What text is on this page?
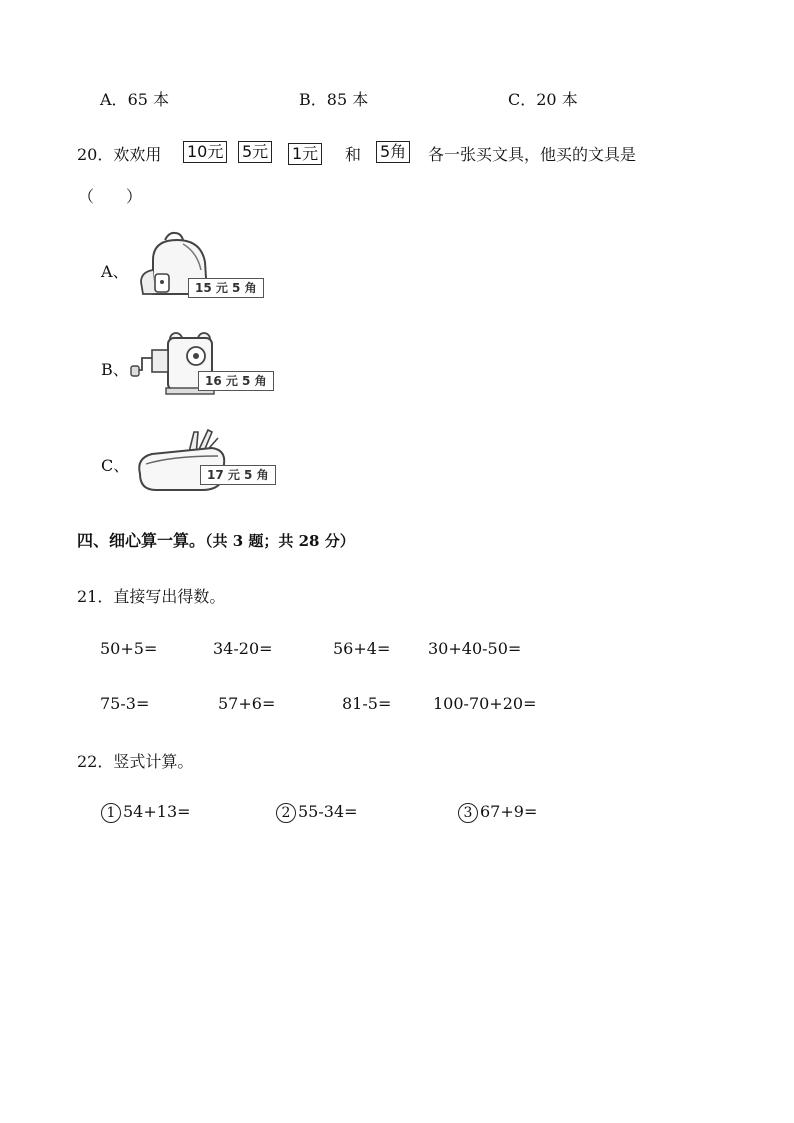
A．65 本	B．85 本	C．20 本
20．欢欢用 10元 5元 1元 和 5角 各一张买文具，他买的文具是
（　　）
A、
15 元 5 角
B、
16 元 5 角
C、	17 元 5 角
四、细心算一算。（共 3 题；共 28 分）
21．直接写出得数。
50+5=	34-20=	56+4= 30+40-50=
75-3=	57+6=	81-5=	100-70+20=
22．竖式计算。
1 54+13=	2 55-34=	3 67+9=
